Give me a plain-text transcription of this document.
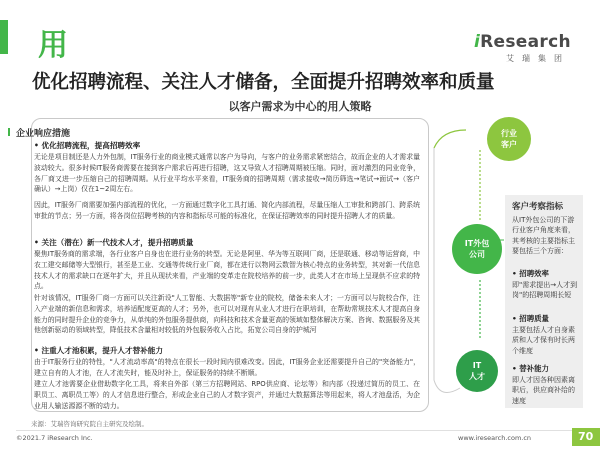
用	iResearch
艾瑞集团
优化招聘流程、关注人才储备，全面提升招聘效率和质量
以客户需求为中心的用人策略
企业响应措施
• 优化招聘流程，提高招聘效率
无论是项目制还是人力外包制，IT服务行业的商业模式通常以客户为导向，与客户的业务需求紧密结合，故而企业的人才需求量波动较大。很多时候IT服务商需要在接到客户需求后再进行招聘，这又导致人才招聘周期被压缩。同时，面对激烈的同业竞争，各厂商又进一步压缩自己的招聘周期。从行业平均水平来看，IT服务商的招聘周期（需求接收→简历筛选→笔试→面试→（客户确认）→上岗）仅在1~2周左右。
因此，IT服务厂商需要加强内部流程的优化，一方面通过数字化工具打通、简化内部流程，尽量压缩人工审批和跨部门、跨系统审批的节点；另一方面，将各岗位招聘考核的内容和指标尽可能的标准化，在保证招聘效率的同时提升招聘人才的质量。
• 关注（潜在）新一代技术人才，提升招聘质量
聚焦IT服务商的需求端，各行业客户自身也在进行业务的转型。无论是阿里、华为等互联网厂商，还是联通、移动等运营商，中农工建交邮储等大型银行，甚至是工业、交通等传统行业厂商，都在进行以物网云数智为核心特点的业务转型，其对新一代信息技术人才的需求缺口在逐年扩大，并且从现状来看，产业端的变革走在院校培养的前一步，此类人才在市场上呈现供不应求的特点。
针对该情况，IT服务厂商一方面可以关注新设"人工智能、大数据等"新专业的院校，储备未来人才；一方面可以与院校合作，注入产业端的新信息和需求，培养适配度更高的人才；另外，也可以对现有从业人才进行在职培训，在帮助常规技术人才提高自身能力的同时提升企业的竞争力，从单纯的外包服务提供商，向科技和技术含量更高的领域如整体解决方案、咨询、数据服务及其他创新驱动的领域转型，降低技术含量相对较低的外包服务收入占比，拓宽公司自身的护城河
• 注重人才池积累，提升人才替补能力
由于IT服务行业的特性，"人才流动率高"的特点在很长一段时间内很难改变。因此，IT服务企业还需要提升自己的"突备能力"，建立自有的人才池，在人才流失时，能及时补上，保证服务的持续不断顺。
建立人才池需要企业借助数字化工具，将来自外部（第三方招聘网站、RPO供应商、论坛等）和内部（投递过简历的员工、在职员工、离职员工等）的人才信息进行整合，形成企业自己的人才数字资产，并通过大数据算法等用起来，将人才池盘活，为企业用人输送源源不断的动力。
来源：艾瑞咨询研究院自主研究及绘制。
行业
客户
IT外包
公司
IT
人才
客户考察指标
从IT外包公司的下游行业客户角度来看，其考核的主要指标主要包括三个方面：
• 招聘效率
即"需求提出→人才到岗"的招聘周期长短
• 招聘质量
主要包括人才自身素质和人才保有时长两个维度
• 替补能力
即人才因各种因素离职后，供应商补给的速度
©2021.7 iResearch Inc.	www.iresearch.com.cn	70
